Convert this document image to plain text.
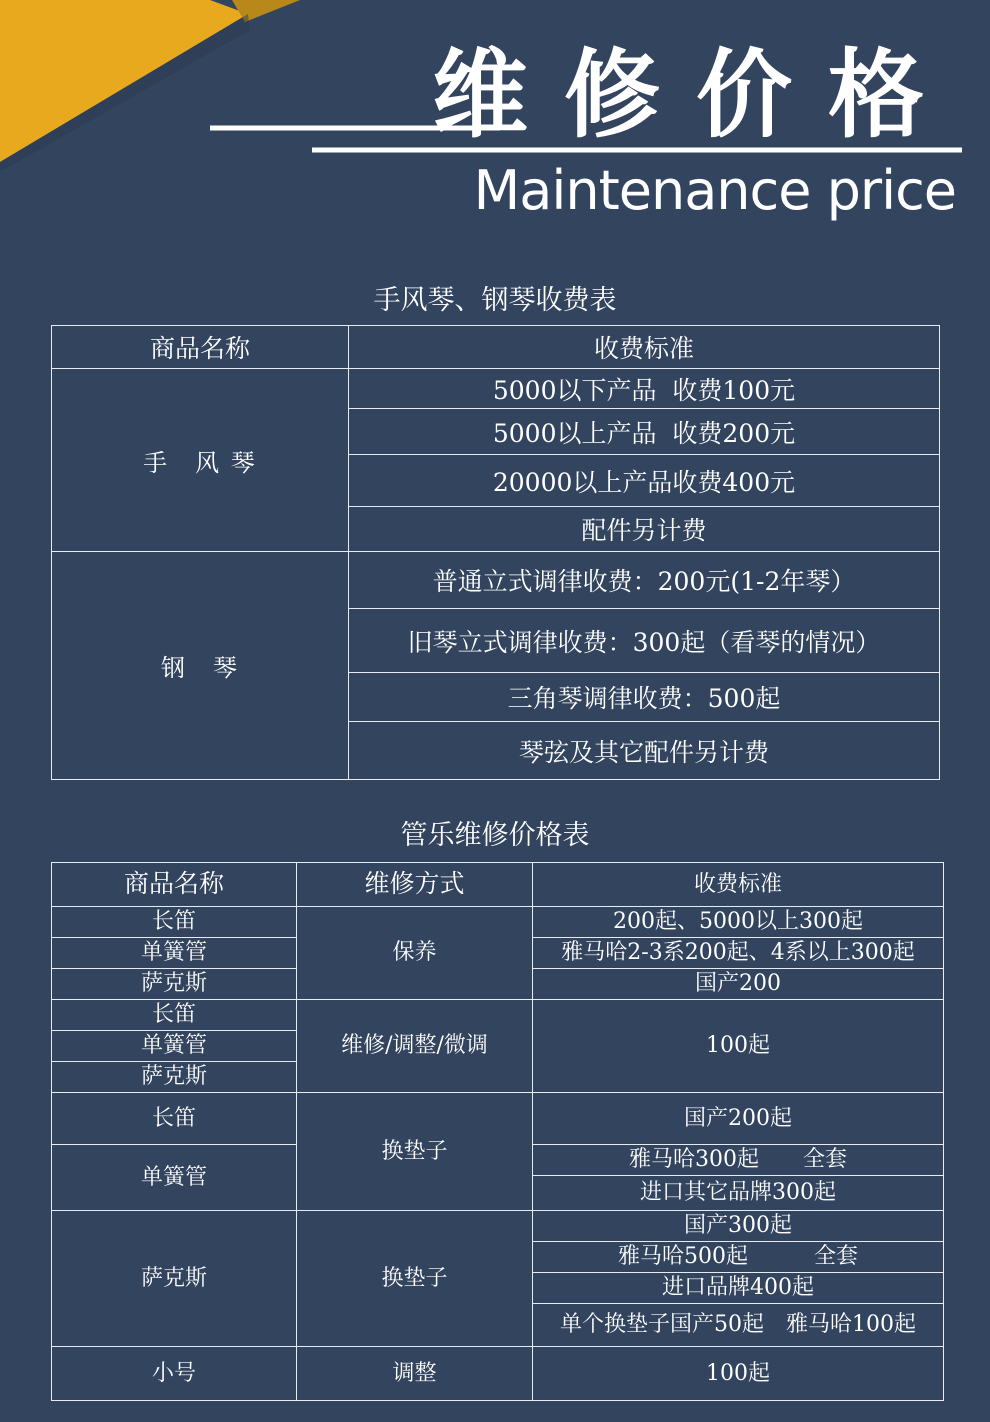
维修价格
Maintenance price
手风琴、钢琴收费表
商品名称	收费标准
手　风 琴	5000以下产品  收费100元
	5000以上产品  收费200元
	20000以上产品收费400元
	配件另计费
钢　琴	普通立式调律收费：200元(1-2年琴）
	旧琴立式调律收费：300起（看琴的情况）
	三角琴调律收费：500起
	琴弦及其它配件另计费
管乐维修价格表
商品名称	维修方式	收费标准
长笛	保养	200起、5000以上300起
单簧管		雅马哈2-3系200起、4系以上300起
萨克斯		国产200
长笛	维修/调整/微调	100起
单簧管		
萨克斯		
长笛	换垫子	国产200起
单簧管		雅马哈300起　　全套
		进口其它品牌300起
萨克斯	换垫子	国产300起
		雅马哈500起　　　全套
		进口品牌400起
		单个换垫子国产50起　雅马哈100起
小号	调整	100起
